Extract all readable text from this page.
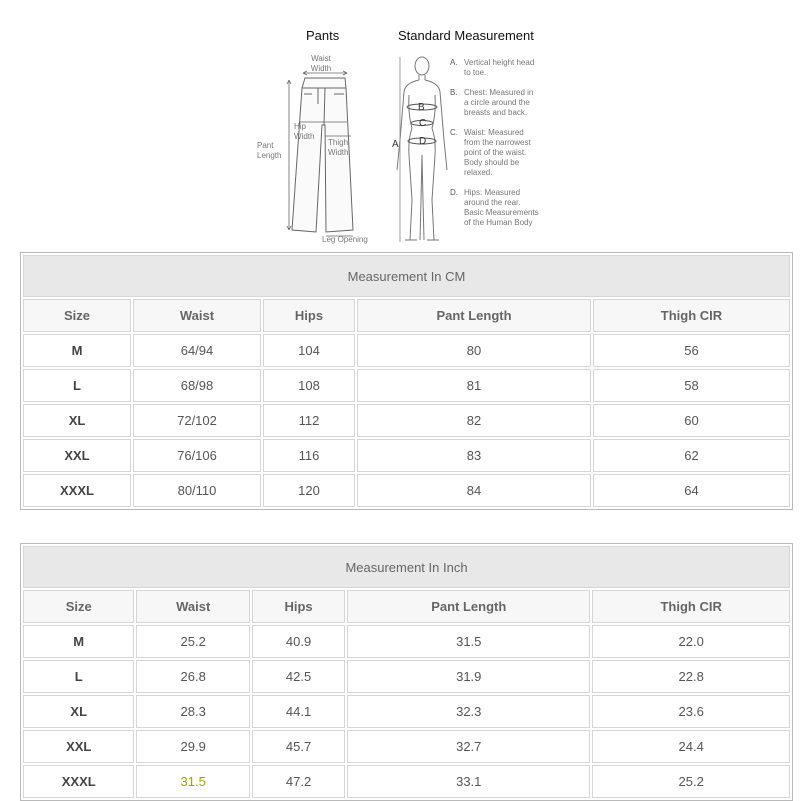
Pants	Standard Measurement
Waist
Width
Hip
Width
Pant
Length
Thigh
Width
Leg Opening
A
B
C
D
A. Vertical height head
to toe.
B. Chest: Measured in
a circle around the
breasts and back.
C. Waist: Measured
from the narrowest
point of the waist.
Body should be
relaxed.
D. Hips: Measured
around the rear.
Basic Measurements
of the Human Body
Measurement In CM				
Size	Waist	Hips	Pant Length	Thigh CIR
M	64/94	104	80	56
L	68/98	108	81	58
XL	72/102	112	82	60
XXL	76/106	116	83	62
XXXL	80/110	120	84	64
Measurement In Inch				
Size	Waist	Hips	Pant Length	Thigh CIR
M	25.2	40.9	31.5	22.0
L	26.8	42.5	31.9	22.8
XL	28.3	44.1	32.3	23.6
XXL	29.9	45.7	32.7	24.4
XXXL	31.5	47.2	33.1	25.2
